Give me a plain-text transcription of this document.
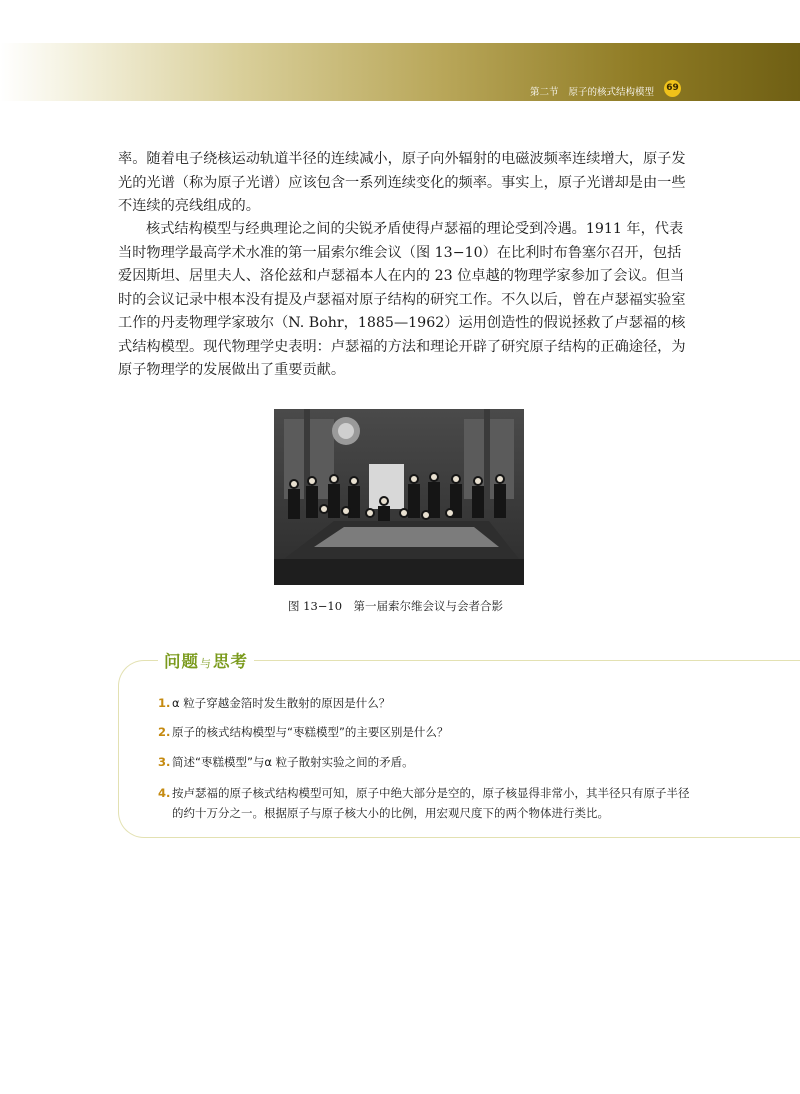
第二节 原子的核式结构模型 69

率。随着电子绕核运动轨道半径的连续减小，原子向外辐射的电磁波频率连续增大，原子发光的光谱（称为原子光谱）应该包含一系列连续变化的频率。事实上，原子光谱却是由一些不连续的亮线组成的。

核式结构模型与经典理论之间的尖锐矛盾使得卢瑟福的理论受到冷遇。1911 年，代表当时物理学最高学术水准的第一届索尔维会议（图 13−10）在比利时布鲁塞尔召开，包括爱因斯坦、居里夫人、洛伦兹和卢瑟福本人在内的 23 位卓越的物理学家参加了会议。但当时的会议记录中根本没有提及卢瑟福对原子结构的研究工作。不久以后，曾在卢瑟福实验室工作的丹麦物理学家玻尔（N. Bohr，1885—1962）运用创造性的假说拯救了卢瑟福的核式结构模型。现代物理学史表明：卢瑟福的方法和理论开辟了研究原子结构的正确途径，为原子物理学的发展做出了重要贡献。

图 13−10　第一届索尔维会议与会者合影
问题与思考
1. α 粒子穿越金箔时发生散射的原因是什么？
2. 原子的核式结构模型与“枣糕模型”的主要区别是什么？
3. 简述“枣糕模型”与α 粒子散射实验之间的矛盾。
4. 按卢瑟福的原子核式结构模型可知，原子中绝大部分是空的，原子核显得非常小，其半径只有原子半径的约十万分之一。根据原子与原子核大小的比例，用宏观尺度下的两个物体进行类比。
